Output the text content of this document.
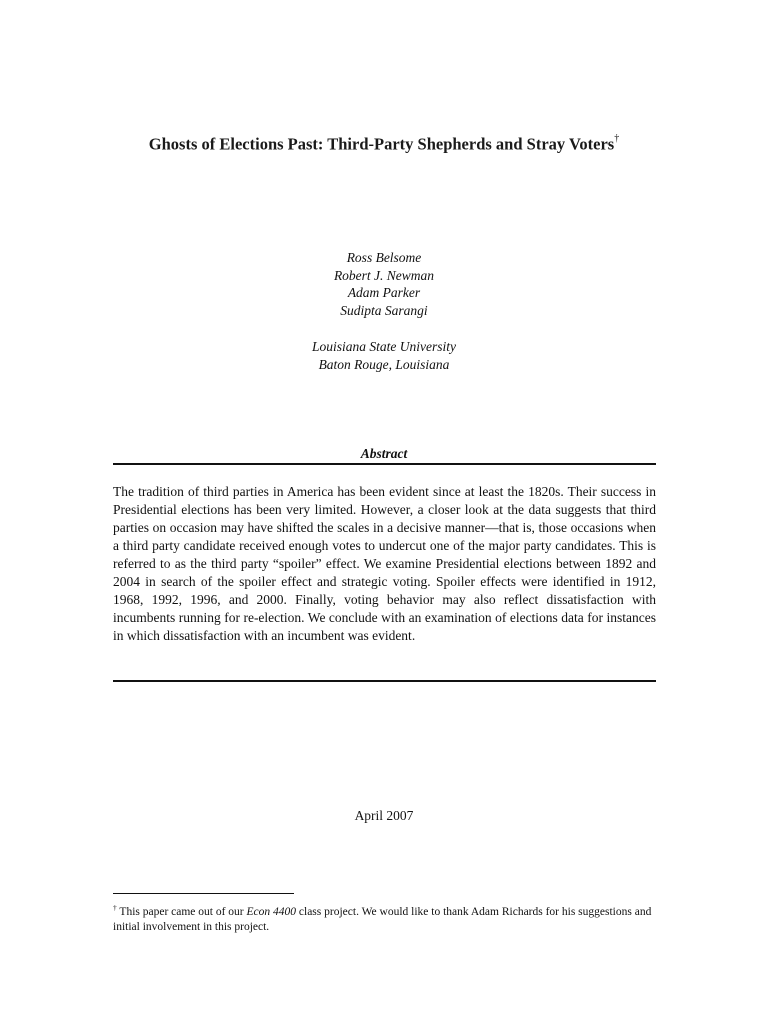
Ghosts of Elections Past: Third-Party Shepherds and Stray Voters†
Ross Belsome
Robert J. Newman
Adam Parker
Sudipta Sarangi
Louisiana State University
Baton Rouge, Louisiana
Abstract
The tradition of third parties in America has been evident since at least the 1820s. Their success in Presidential elections has been very limited. However, a closer look at the data suggests that third parties on occasion may have shifted the scales in a decisive manner—that is, those occasions when a third party candidate received enough votes to undercut one of the major party candidates. This is referred to as the third party “spoiler” effect. We examine Presidential elections between 1892 and 2004 in search of the spoiler effect and strategic voting. Spoiler effects were identified in 1912, 1968, 1992, 1996, and 2000. Finally, voting behavior may also reflect dissatisfaction with incumbents running for re-election. We conclude with an examination of elections data for instances in which dissatisfaction with an incumbent was evident.
April 2007
† This paper came out of our Econ 4400 class project. We would like to thank Adam Richards for his suggestions and initial involvement in this project.
